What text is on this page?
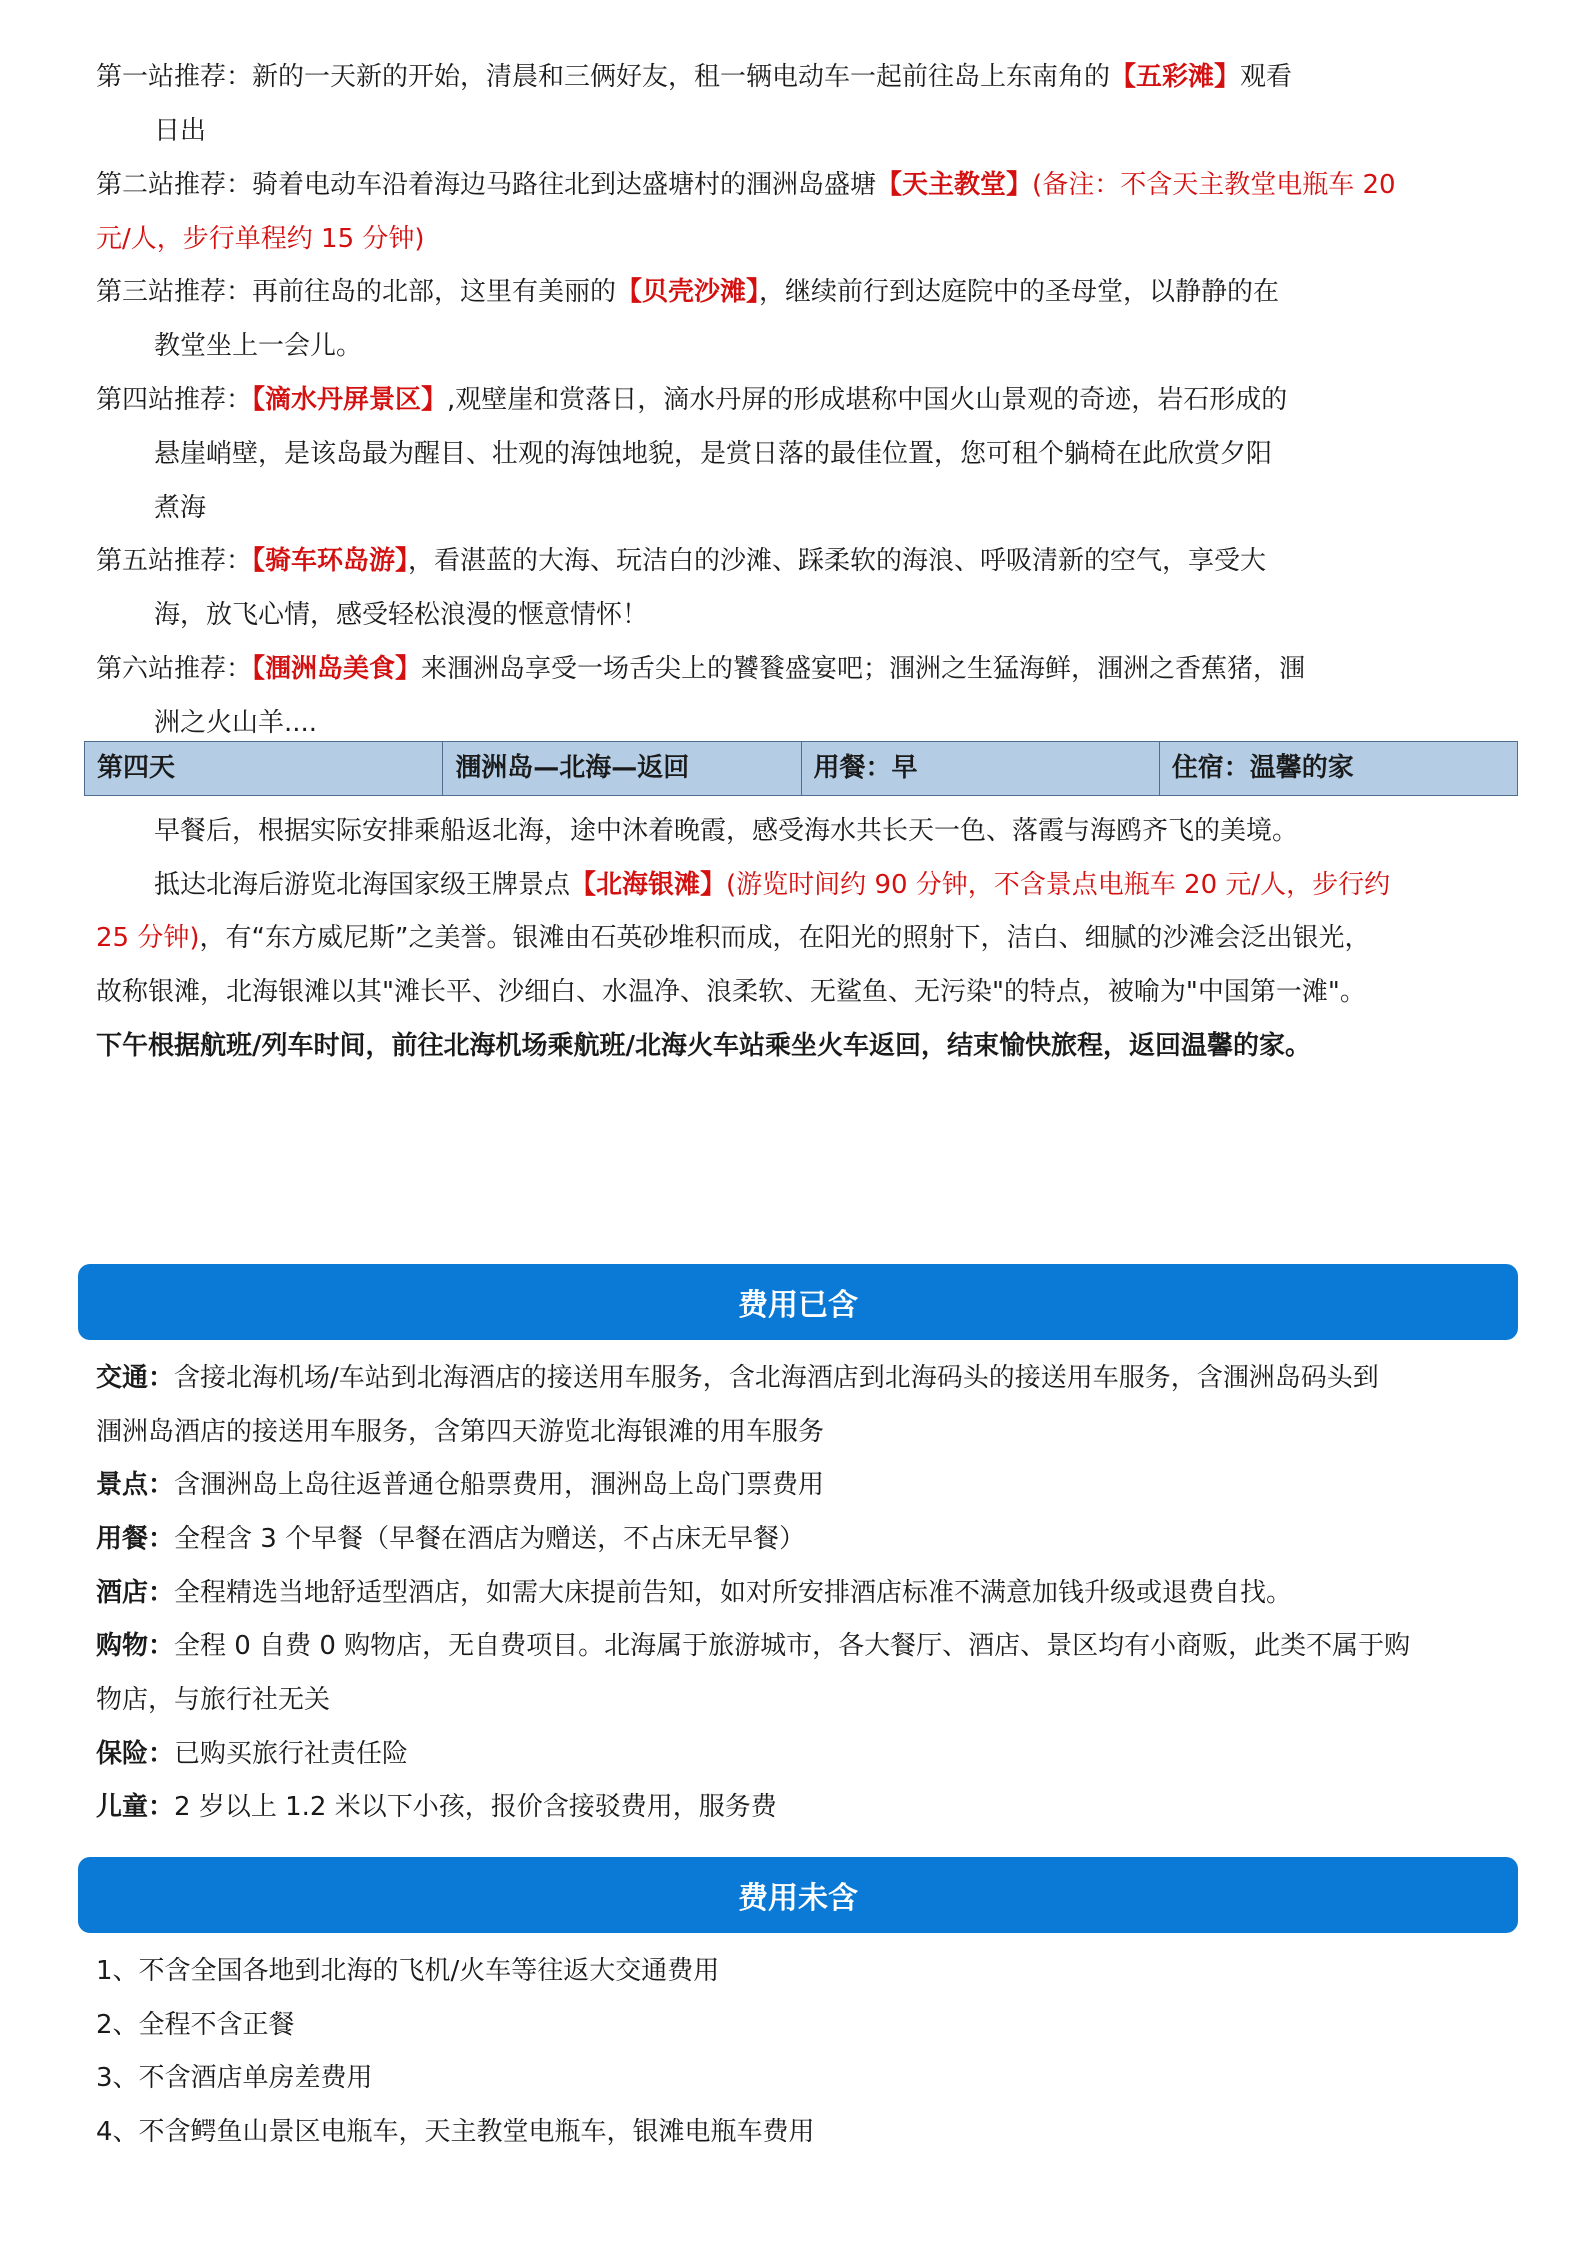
第一站推荐：新的一天新的开始，清晨和三俩好友，租一辆电动车一起前往岛上东南角的【五彩滩】观看
日出
第二站推荐：骑着电动车沿着海边马路往北到达盛塘村的涠洲岛盛塘【天主教堂】(备注：不含天主教堂电瓶车 20
元/人，步行单程约 15 分钟)
第三站推荐：再前往岛的北部，这里有美丽的【贝壳沙滩】，继续前行到达庭院中的圣母堂，以静静的在
教堂坐上一会儿。
第四站推荐：【滴水丹屏景区】,观壁崖和赏落日，滴水丹屏的形成堪称中国火山景观的奇迹，岩石形成的
悬崖峭壁，是该岛最为醒目、壮观的海蚀地貌，是赏日落的最佳位置，您可租个躺椅在此欣赏夕阳
煮海
第五站推荐：【骑车环岛游】，看湛蓝的大海、玩洁白的沙滩、踩柔软的海浪、呼吸清新的空气，享受大
海，放飞心情，感受轻松浪漫的惬意情怀！
第六站推荐：【涠洲岛美食】来涠洲岛享受一场舌尖上的饕餮盛宴吧；涠洲之生猛海鲜，涠洲之香蕉猪，涠
洲之火山羊....
第四天	涠洲岛—北海—返回	用餐：早	住宿：温馨的家
早餐后，根据实际安排乘船返北海，途中沐着晚霞，感受海水共长天一色、落霞与海鸥齐飞的美境。
抵达北海后游览北海国家级王牌景点【北海银滩】(游览时间约 90 分钟，不含景点电瓶车 20 元/人，步行约
25 分钟)，有“东方威尼斯”之美誉。银滩由石英砂堆积而成，在阳光的照射下，洁白、细腻的沙滩会泛出银光，
故称银滩，北海银滩以其"滩长平、沙细白、水温净、浪柔软、无鲨鱼、无污染"的特点，被喻为"中国第一滩"。
下午根据航班/列车时间，前往北海机场乘航班/北海火车站乘坐火车返回，结束愉快旅程，返回温馨的家。
费用已含
交通：含接北海机场/车站到北海酒店的接送用车服务，含北海酒店到北海码头的接送用车服务，含涠洲岛码头到
涠洲岛酒店的接送用车服务，含第四天游览北海银滩的用车服务
景点：含涠洲岛上岛往返普通仓船票费用，涠洲岛上岛门票费用
用餐：全程含 3 个早餐（早餐在酒店为赠送，不占床无早餐）
酒店：全程精选当地舒适型酒店，如需大床提前告知，如对所安排酒店标准不满意加钱升级或退费自找。
购物：全程 0 自费 0 购物店，无自费项目。北海属于旅游城市，各大餐厅、酒店、景区均有小商贩，此类不属于购
物店，与旅行社无关
保险：已购买旅行社责任险
儿童：2 岁以上 1.2 米以下小孩，报价含接驳费用，服务费
费用未含
1、不含全国各地到北海的飞机/火车等往返大交通费用
2、全程不含正餐
3、不含酒店单房差费用
4、不含鳄鱼山景区电瓶车，天主教堂电瓶车，银滩电瓶车费用
